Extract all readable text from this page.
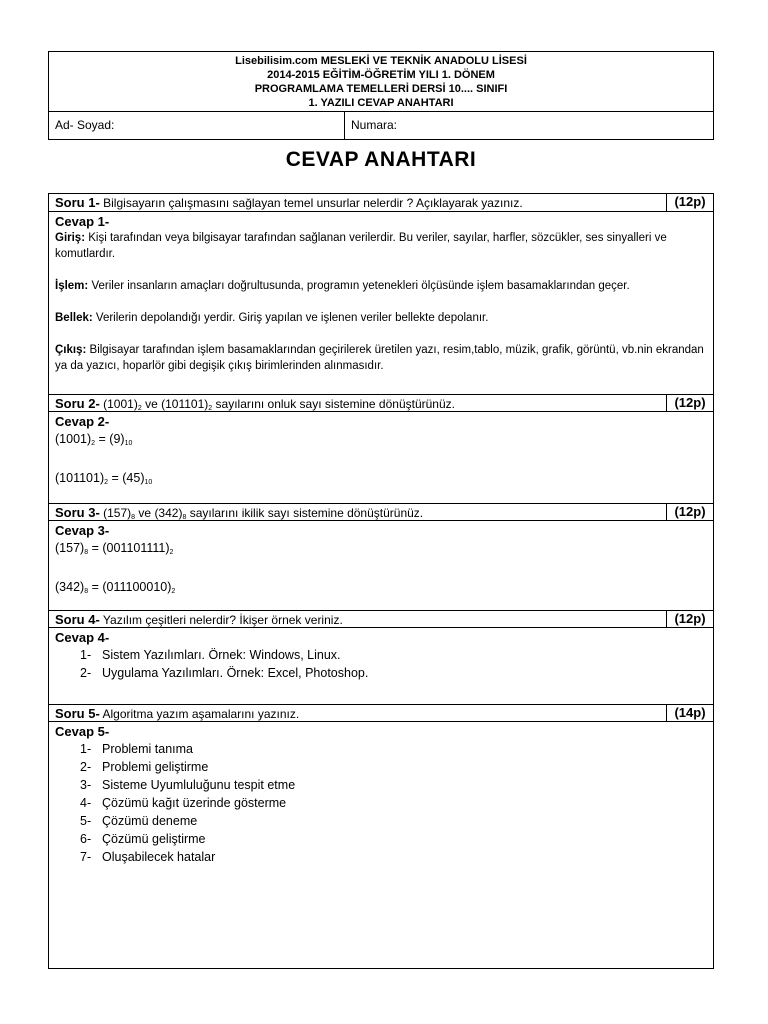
Lisebilisim.com MESLEKİ VE TEKNİK ANADOLU LİSESİ
2014-2015 EĞİTİM-ÖĞRETİM YILI 1. DÖNEM
PROGRAMLAMA TEMELLERİ DERSİ 10.... SINIFI
1. YAZILI CEVAP ANAHTARI
Ad- Soyad:	Numara:
CEVAP ANAHTARI
Soru 1- Bilgisayarın çalışmasını sağlayan temel unsurlar nelerdir ? Açıklayarak yazınız.	(12p)
Cevap 1-

Giriş: Kişi tarafından veya bilgisayar tarafından sağlanan verilerdir. Bu veriler, sayılar, harfler, sözcükler, ses sinyalleri ve komutlardır.

İşlem: Veriler insanların amaçları doğrultusunda, programın yetenekleri ölçüsünde işlem basamaklarından geçer.

Bellek: Verilerin depolandığı yerdir. Giriş yapılan ve işlenen veriler bellekte depolanır.

Çıkış: Bilgisayar tarafından işlem basamaklarından geçirilerek üretilen yazı, resim,tablo, müzik, grafik, görüntü, vb.nin ekrandan ya da yazıcı, hoparlör gibi degişik çıkış birimlerinden alınmasıdır.

Soru 2- $(1001)_2$ ve $(101101)_2$ sayılarını onluk sayı sistemine dönüştürünüz.	(12p)
Cevap 2-
$(1001)_2 = (9)_{10}$
$(101101)_2 = (45)_{10}$
Soru 3- $(157)_8$ ve $(342)_8$ sayılarını ikilik sayı sistemine dönüştürünüz.	(12p)
Cevap 3-
$(157)_8 = (001101111)_2$
$(342)_8 = (011100010)_2$
Soru 4- Yazılım çeşitleri nelerdir? İkişer örnek veriniz.	(12p)
Cevap 4-
1- Sistem Yazılımları. Örnek: Windows, Linux.
2- Uygulama Yazılımları. Örnek: Excel, Photoshop.
Soru 5- Algoritma yazım aşamalarını yazınız.	(14p)
Cevap 5-
1- Problemi tanıma
2- Problemi geliştirme
3- Sisteme Uyumluluğunu tespit etme
4- Çözümü kağıt üzerinde gösterme
5- Çözümü deneme
6- Çözümü geliştirme
7- Oluşabilecek hatalar
